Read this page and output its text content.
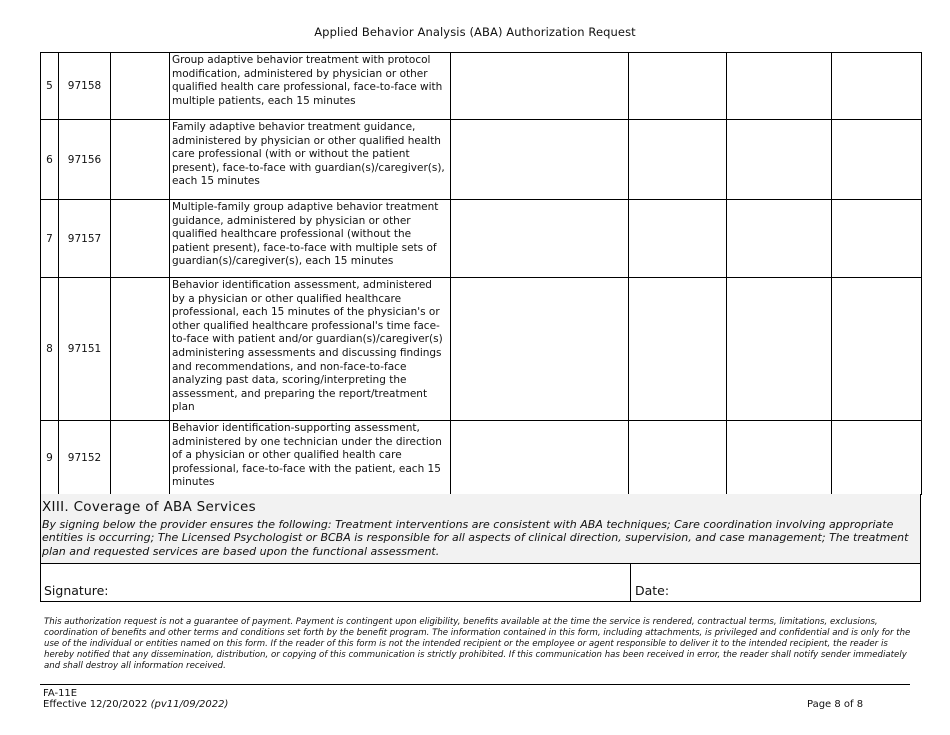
Applied Behavior Analysis (ABA) Authorization Request
5	97158		Group adaptive behavior treatment with protocol modification, administered by physician or other qualified health care professional, face-to-face with multiple patients, each 15 minutes				
6	97156		Family adaptive behavior treatment guidance, administered by physician or other qualified health care professional (with or without the patient present), face-to-face with guardian(s)/caregiver(s), each 15 minutes				
7	97157		Multiple-family group adaptive behavior treatment guidance, administered by physician or other qualified healthcare professional (without the patient present), face-to-face with multiple sets of guardian(s)/caregiver(s), each 15 minutes				
8	97151		Behavior identification assessment, administered by a physician or other qualified healthcare professional, each 15 minutes of the physician's or other qualified healthcare professional's time face-to-face with patient and/or guardian(s)/caregiver(s) administering assessments and discussing findings and recommendations, and non-face-to-face analyzing past data, scoring/interpreting the assessment, and preparing the report/treatment plan				
9	97152		Behavior identification-supporting assessment, administered by one technician under the direction of a physician or other qualified health care professional, face-to-face with the patient, each 15 minutes				
XIII. Coverage of ABA Services
By signing below the provider ensures the following: Treatment interventions are consistent with ABA techniques; Care coordination involving appropriate entities is occurring; The Licensed Psychologist or BCBA is responsible for all aspects of clinical direction, supervision, and case management; The treatment plan and requested services are based upon the functional assessment.
Signature:	Date:
This authorization request is not a guarantee of payment. Payment is contingent upon eligibility, benefits available at the time the service is rendered, contractual terms, limitations, exclusions, coordination of benefits and other terms and conditions set forth by the benefit program. The information contained in this form, including attachments, is privileged and confidential and is only for the use of the individual or entities named on this form. If the reader of this form is not the intended recipient or the employee or agent responsible to deliver it to the intended recipient, the reader is hereby notified that any dissemination, distribution, or copying of this communication is strictly prohibited. If this communication has been received in error, the reader shall notify sender immediately and shall destroy all information received.
FA-11E
Effective 12/20/2022 (pv11/09/2022)	Page 8 of 8
